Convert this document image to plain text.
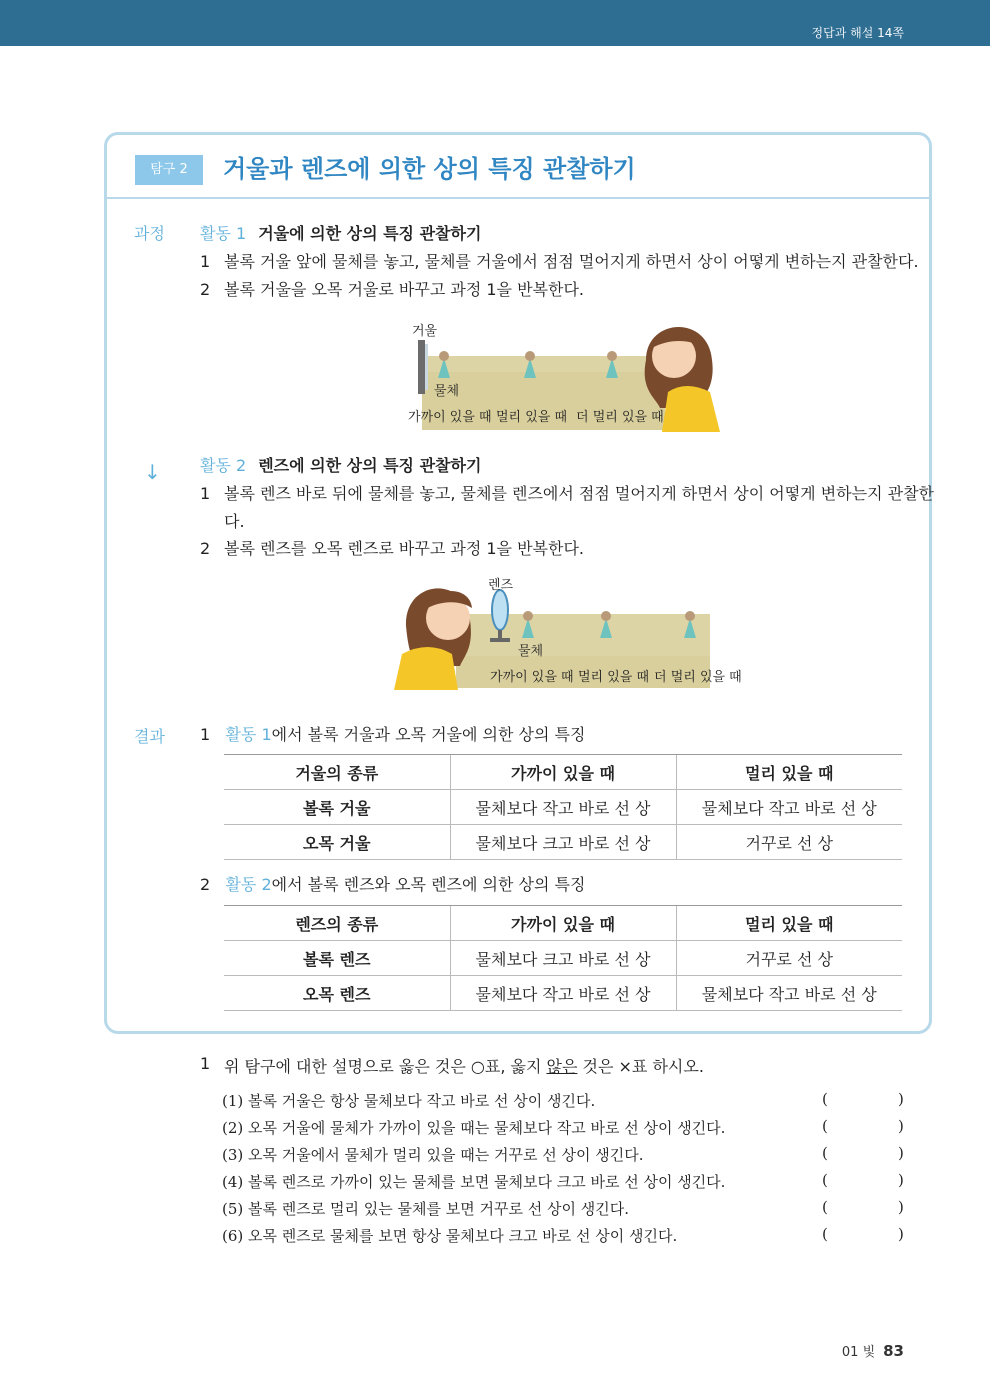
정답과 해설 14쪽
탐구 2	거울과 렌즈에 의한 상의 특징 관찰하기
과정 활동 1 거울에 의한 상의 특징 관찰하기
1 볼록 거울 앞에 물체를 놓고, 물체를 거울에서 점점 멀어지게 하면서 상이 어떻게 변하는지 관찰한다.
2 볼록 거울을 오목 거울로 바꾸고 과정 1을 반복한다.
거울
물체
가까이 있을 때 멀리 있을 때 더 멀리 있을 때
↓ 활동 2 렌즈에 의한 상의 특징 관찰하기
1 볼록 렌즈 바로 뒤에 물체를 놓고, 물체를 렌즈에서 점점 멀어지게 하면서 상이 어떻게 변하는지 관찰한
다.
2 볼록 렌즈를 오목 렌즈로 바꾸고 과정 1을 반복한다.
렌즈
물체
가까이 있을 때 멀리 있을 때 더 멀리 있을 때
결과 1 활동 1에서 볼록 거울과 오목 거울에 의한 상의 특징
거울의 종류	가까이 있을 때	멀리 있을 때
볼록 거울	물체보다 작고 바로 선 상	물체보다 작고 바로 선 상
오목 거울	물체보다 크고 바로 선 상	거꾸로 선 상
2 활동 2에서 볼록 렌즈와 오목 렌즈에 의한 상의 특징
렌즈의 종류	가까이 있을 때	멀리 있을 때
볼록 렌즈	물체보다 크고 바로 선 상	거꾸로 선 상
오목 렌즈	물체보다 작고 바로 선 상	물체보다 작고 바로 선 상
1 위 탐구에 대한 설명으로 옳은 것은 ○표, 옳지 않은 것은 ×표 하시오.
(1) 볼록 거울은 항상 물체보다 작고 바로 선 상이 생긴다.	(	)
(2) 오목 거울에 물체가 가까이 있을 때는 물체보다 작고 바로 선 상이 생긴다.	(	)
(3) 오목 거울에서 물체가 멀리 있을 때는 거꾸로 선 상이 생긴다.	(	)
(4) 볼록 렌즈로 가까이 있는 물체를 보면 물체보다 크고 바로 선 상이 생긴다.	(	)
(5) 볼록 렌즈로 멀리 있는 물체를 보면 거꾸로 선 상이 생긴다.	(	)
(6) 오목 렌즈로 물체를 보면 항상 물체보다 크고 바로 선 상이 생긴다.	(	)
01 빛 83
